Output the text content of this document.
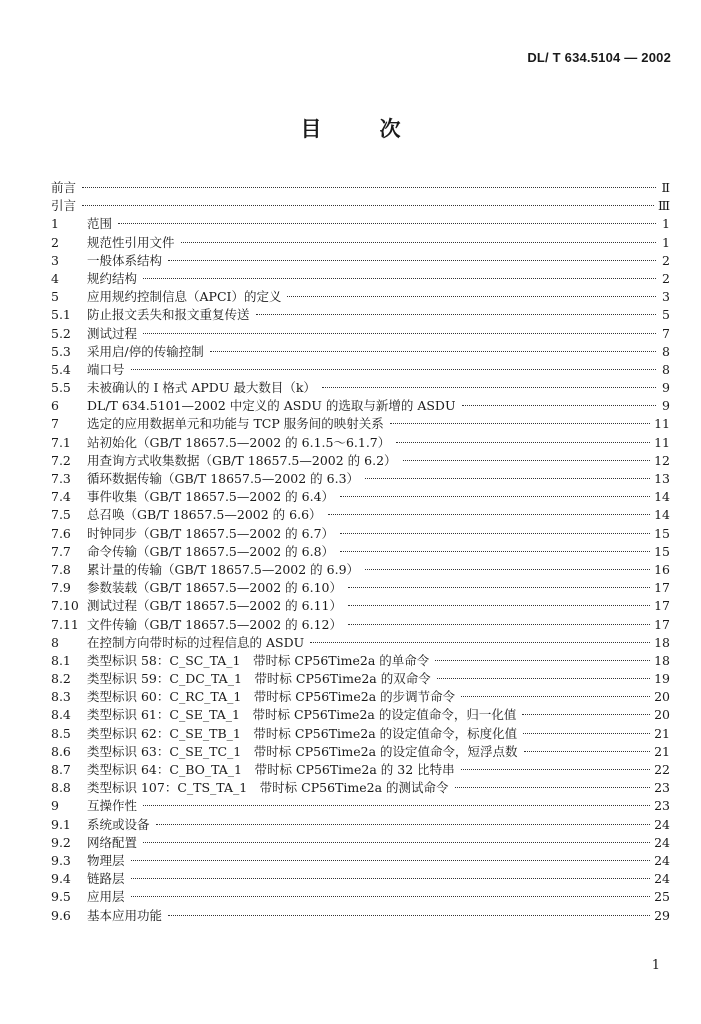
DL/ T 634.5104 — 2002
目次
前言	Ⅱ
引言	Ⅲ
1	范围	1
2	规范性引用文件	1
3	一般体系结构	2
4	规约结构	2
5	应用规约控制信息（APCI）的定义	3
5.1	防止报文丢失和报文重复传送	5
5.2	测试过程	7
5.3	采用启/停的传输控制	8
5.4	端口号	8
5.5	未被确认的 I 格式 APDU 最大数目（k）	9
6	DL/T 634.5101—2002 中定义的 ASDU 的选取与新增的 ASDU	9
7	选定的应用数据单元和功能与 TCP 服务间的映射关系	11
7.1	站初始化（GB/T 18657.5—2002 的 6.1.5～6.1.7）	11
7.2	用查询方式收集数据（GB/T 18657.5—2002 的 6.2）	12
7.3	循环数据传输（GB/T 18657.5—2002 的 6.3）	13
7.4	事件收集（GB/T 18657.5—2002 的 6.4）	14
7.5	总召唤（GB/T 18657.5—2002 的 6.6）	14
7.6	时钟同步（GB/T 18657.5—2002 的 6.7）	15
7.7	命令传输（GB/T 18657.5—2002 的 6.8）	15
7.8	累计量的传输（GB/T 18657.5—2002 的 6.9）	16
7.9	参数装载（GB/T 18657.5—2002 的 6.10）	17
7.10 测试过程（GB/T 18657.5—2002 的 6.11）	17
7.11 文件传输（GB/T 18657.5—2002 的 6.12）	17
8	在控制方向带时标的过程信息的 ASDU	18
8.1	类型标识 58：C_SC_TA_1　带时标 CP56Time2a 的单命令	18
8.2	类型标识 59：C_DC_TA_1　带时标 CP56Time2a 的双命令	19
8.3	类型标识 60：C_RC_TA_1　带时标 CP56Time2a 的步调节命令	20
8.4	类型标识 61：C_SE_TA_1　带时标 CP56Time2a 的设定值命令，归一化值	20
8.5	类型标识 62：C_SE_TB_1　带时标 CP56Time2a 的设定值命令，标度化值	21
8.6	类型标识 63：C_SE_TC_1　带时标 CP56Time2a 的设定值命令，短浮点数	21
8.7	类型标识 64：C_BO_TA_1　带时标 CP56Time2a 的 32 比特串	22
8.8	类型标识 107：C_TS_TA_1　带时标 CP56Time2a 的测试命令	23
9	互操作性	23
9.1	系统或设备	24
9.2	网络配置	24
9.3	物理层	24
9.4	链路层	24
9.5	应用层	25
9.6	基本应用功能	29
1
